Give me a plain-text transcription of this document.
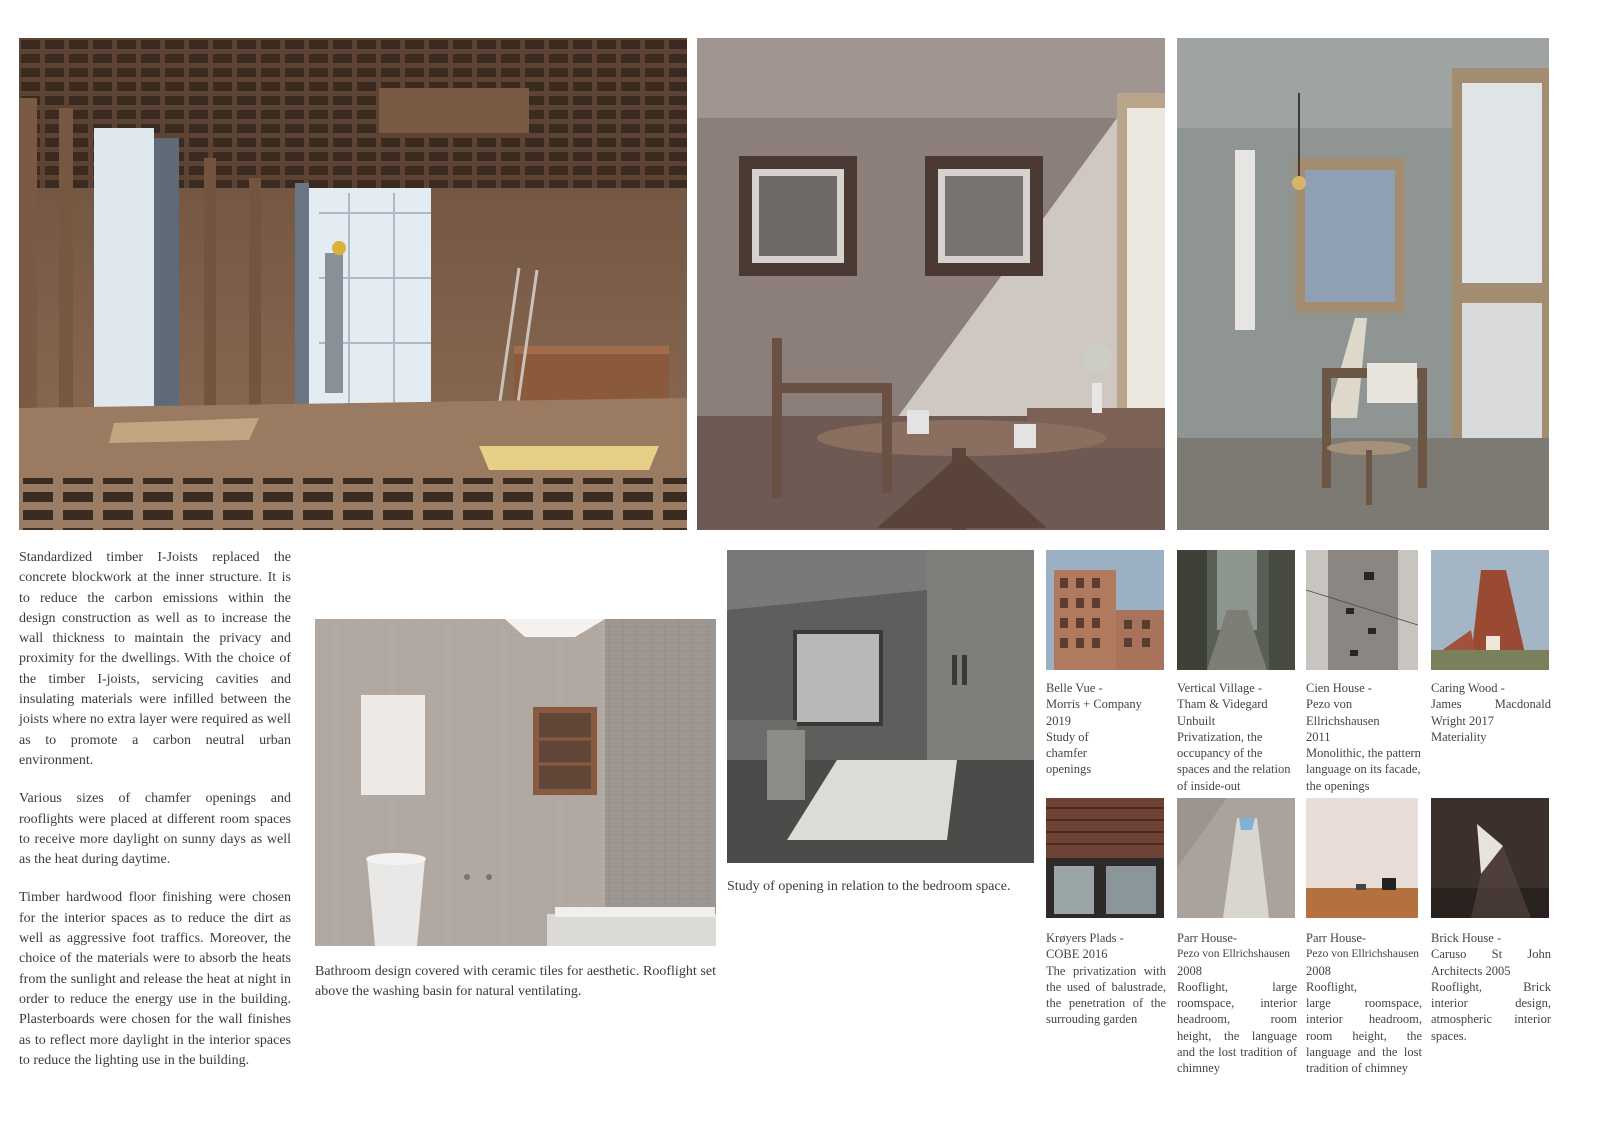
Standardized timber I-Joists replaced the concrete blockwork at the inner structure. It is to reduce the carbon emissions within the design construction as well as to increase the wall thickness to maintain the privacy and proximity for the dwellings. With the choice of the timber I-joists, servicing cavities and insulating materials were infilled between the joists where no extra layer were required as well as to promote a carbon neutral urban environment.

Various sizes of chamfer openings and rooflights were placed at different room spaces to receive more daylight on sunny days as well as the heat during daytime.

Timber hardwood floor finishing were chosen for the interior spaces as to reduce the dirt as well as aggressive foot traffics. Moreover, the choice of the materials were to absorb the heats from the sunlight and release the heat at night in order to reduce the energy use in the building. Plasterboards were chosen for the wall finishes as to reflect more daylight in the interior spaces to reduce the lighting use in the building.

Bathroom design covered with ceramic tiles for aesthetic. Rooflight set above the washing basin for natural ventilating.
Study of opening in relation to the bedroom space.
Belle Vue -
Morris + Company
2019
Study of chamfer openings
Vertical Village -
Tham & Videgard
Unbuilt
Privatization, the occupancy of the spaces and the relation of inside-out
Cien House -
Pezo von
Ellrichshausen
2011
Monolithic, the pattern language on its facade, the openings
Caring Wood -
James Macdonald Wright 2017
Materiality
Krøyers Plads -
COBE 2016
The privatization with the used of balustrade, the penetration of the surrouding garden
Parr House-
Pezo von Ellrichshausen
2008
Rooflight, large roomspace, interior headroom, room height, the language and the lost tradition of chimney
Parr House-
Pezo von Ellrichshausen
2008
Rooflight,
large roomspace, interior headroom, room height, the language and the lost tradition of chimney
Brick House -
Caruso St John Architects 2005
Rooflight, Brick interior design, atmospheric interior spaces.
